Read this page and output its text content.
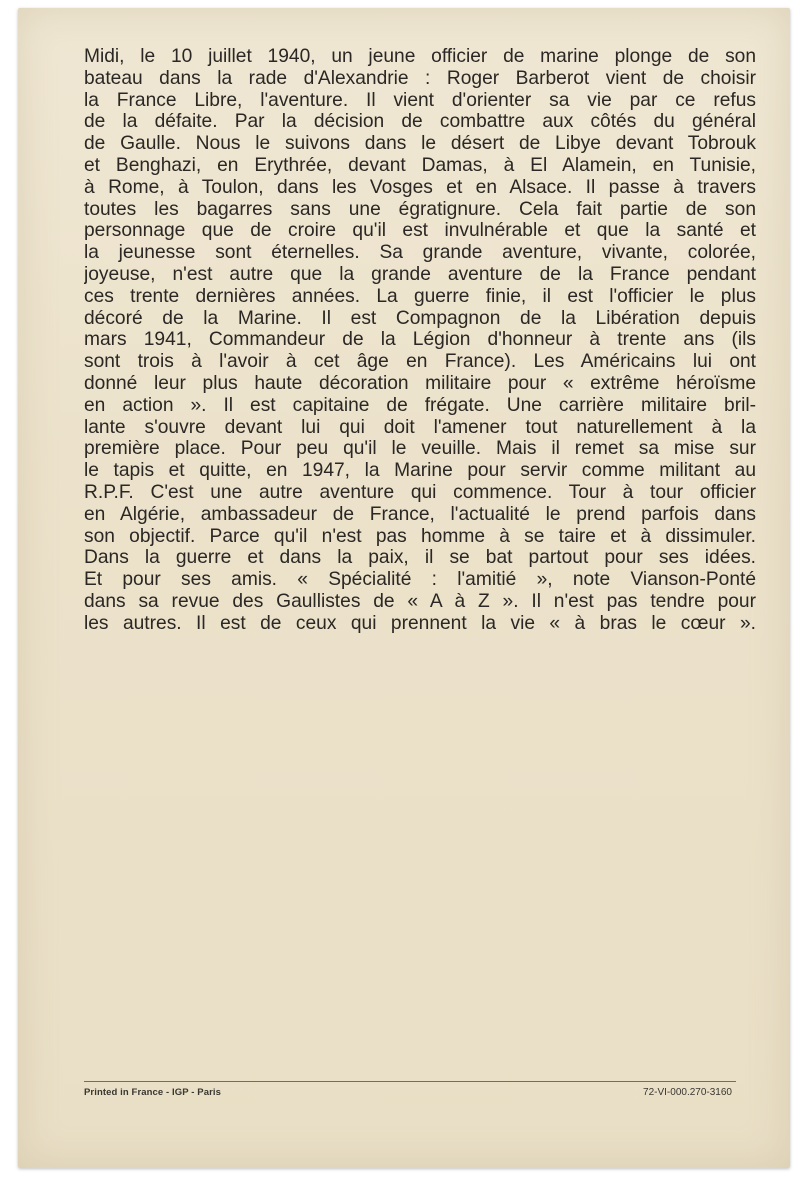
Midi, le 10 juillet 1940, un jeune officier de marine plonge de son
bateau dans la rade d'Alexandrie : Roger Barberot vient de choisir
la France Libre, l'aventure. Il vient d'orienter sa vie par ce refus
de la défaite. Par la décision de combattre aux côtés du général
de Gaulle. Nous le suivons dans le désert de Libye devant Tobrouk
et Benghazi, en Erythrée, devant Damas, à El Alamein, en Tunisie,
à Rome, à Toulon, dans les Vosges et en Alsace. Il passe à travers
toutes les bagarres sans une égratignure. Cela fait partie de son
personnage que de croire qu'il est invulnérable et que la santé et
la jeunesse sont éternelles. Sa grande aventure, vivante, colorée,
joyeuse, n'est autre que la grande aventure de la France pendant
ces trente dernières années. La guerre finie, il est l'officier le plus
décoré de la Marine. Il est Compagnon de la Libération depuis
mars 1941, Commandeur de la Légion d'honneur à trente ans (ils
sont trois à l'avoir à cet âge en France). Les Américains lui ont
donné leur plus haute décoration militaire pour « extrême héroïsme
en action ». Il est capitaine de frégate. Une carrière militaire bril-
lante s'ouvre devant lui qui doit l'amener tout naturellement à la
première place. Pour peu qu'il le veuille. Mais il remet sa mise sur
le tapis et quitte, en 1947, la Marine pour servir comme militant au
R.P.F. C'est une autre aventure qui commence. Tour à tour officier
en Algérie, ambassadeur de France, l'actualité le prend parfois dans
son objectif. Parce qu'il n'est pas homme à se taire et à dissimuler.
Dans la guerre et dans la paix, il se bat partout pour ses idées.
Et pour ses amis. « Spécialité : l'amitié », note Vianson-Ponté
dans sa revue des Gaullistes de « A à Z ». Il n'est pas tendre pour
les autres. Il est de ceux qui prennent la vie « à bras le cœur ».
Printed in France - IGP - Paris	72-VI-000.270-3160
